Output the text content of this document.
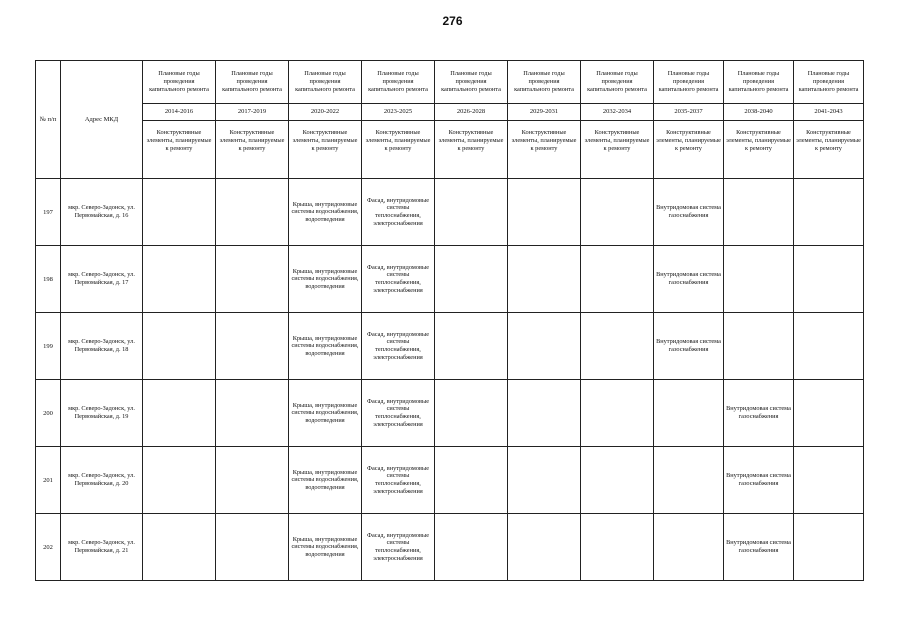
276
№ п/п	Адрес МКД	Плановые годы проведения капитального ремонта	Плановые годы проведения капитального ремонта	Плановые годы проведения капитального ремонта	Плановые годы проведения капитального ремонта	Плановые годы проведения капитального ремонта	Плановые годы проведения капитального ремонта	Плановые годы проведения капитального ремонта	Плановые годы проведения капитального ремонта	Плановые годы проведения капитального ремонта	Плановые годы проведения капитального ремонта
		2014-2016	2017-2019	2020-2022	2023-2025	2026-2028	2029-2031	2032-2034	2035-2037	2038-2040	2041-2043
		Конструктивные элементы, планируемые к ремонту	Конструктивные элементы, планируемые к ремонту	Конструктивные элементы, планируемые к ремонту	Конструктивные элементы, планируемые к ремонту	Конструктивные элементы, планируемые к ремонту	Конструктивные элементы, планируемые к ремонту	Конструктивные элементы, планируемые к ремонту	Конструктивные элементы, планируемые к ремонту	Конструктивные элементы, планируемые к ремонту	Конструктивные элементы, планируемые к ремонту
197	мкр. Северо-Задонск, ул. Первомайская, д. 16			Крыша, внутридомовые системы водоснабжения, водоотведения	Фасад, внутридомовые системы теплоснабжения, электроснабжения				Внутридомовая система газоснабжения		
198	мкр. Северо-Задонск, ул. Первомайская, д. 17			Крыша, внутридомовые системы водоснабжения, водоотведения	Фасад, внутридомовые системы теплоснабжения, электроснабжения				Внутридомовая система газоснабжения		
199	мкр. Северо-Задонск, ул. Первомайская, д. 18			Крыша, внутридомовые системы водоснабжения, водоотведения	Фасад, внутридомовые системы теплоснабжения, электроснабжения				Внутридомовая система газоснабжения		
200	мкр. Северо-Задонск, ул. Первомайская, д. 19			Крыша, внутридомовые системы водоснабжения, водоотведения	Фасад, внутридомовые системы теплоснабжения, электроснабжения					Внутридомовая система газоснабжения	
201	мкр. Северо-Задонск, ул. Первомайская, д. 20			Крыша, внутридомовые системы водоснабжения, водоотведения	Фасад, внутридомовые системы теплоснабжения, электроснабжения					Внутридомовая система газоснабжения	
202	мкр. Северо-Задонск, ул. Первомайская, д. 21			Крыша, внутридомовые системы водоснабжения, водоотведения	Фасад, внутридомовые системы теплоснабжения, электроснабжения					Внутридомовая система газоснабжения	
